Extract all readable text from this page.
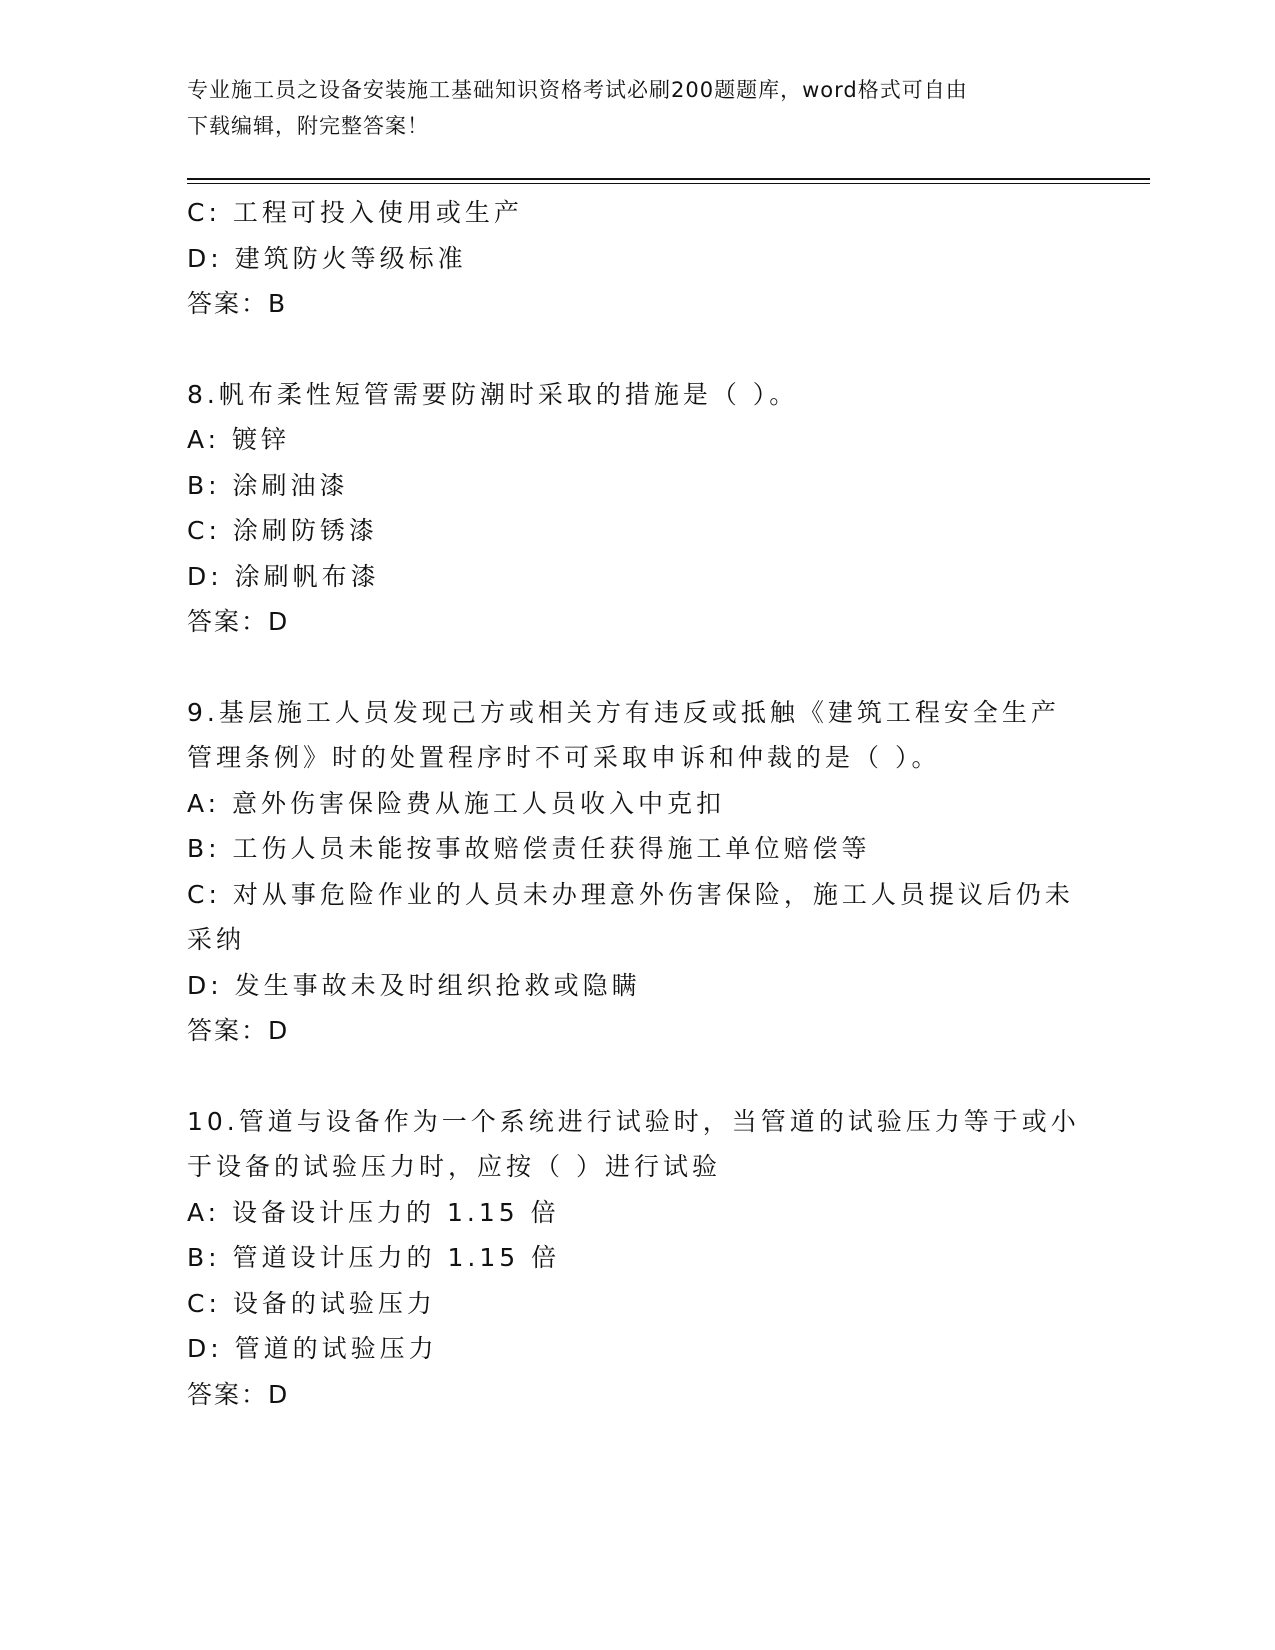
专业施工员之设备安装施工基础知识资格考试必刷200题题库，word格式可自由
下载编辑，附完整答案！
C: 工程可投入使用或生产
D: 建筑防火等级标准
答案：B
8.帆布柔性短管需要防潮时采取的措施是（ ）。
A: 镀锌
B: 涂刷油漆
C: 涂刷防锈漆
D: 涂刷帆布漆
答案：D
9.基层施工人员发现己方或相关方有违反或抵触《建筑工程安全生产
管理条例》时的处置程序时不可采取申诉和仲裁的是（ ）。
A: 意外伤害保险费从施工人员收入中克扣
B: 工伤人员未能按事故赔偿责任获得施工单位赔偿等
C: 对从事危险作业的人员未办理意外伤害保险，施工人员提议后仍未
采纳
D: 发生事故未及时组织抢救或隐瞒
答案：D
10.管道与设备作为一个系统进行试验时，当管道的试验压力等于或小
于设备的试验压力时，应按（ ）进行试验
A: 设备设计压力的 1.15 倍
B: 管道设计压力的 1.15 倍
C: 设备的试验压力
D: 管道的试验压力
答案：D
